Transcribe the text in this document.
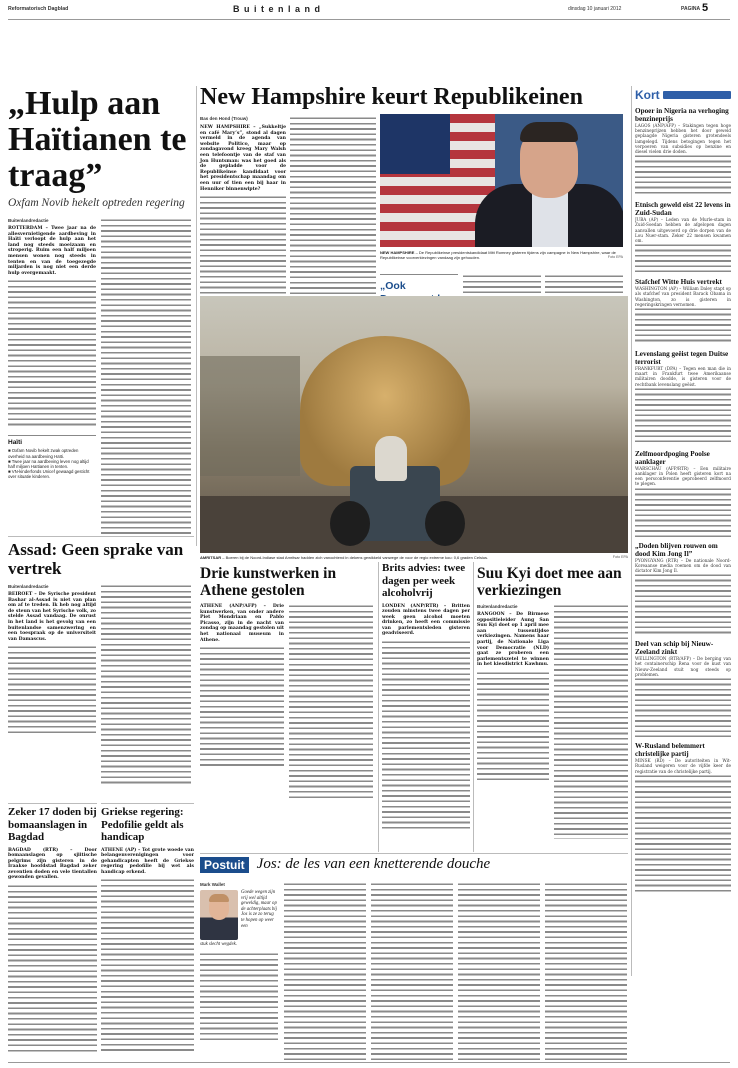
Reformatorisch Dagblad	B u i t e n l a n d	dinsdag 10 januari 2012	PAGINA 5
„Hulp aan Haïtianen te traag”
Oxfam Novib hekelt optreden regering
Buitenlandredactie
ROTTERDAM – Twee jaar na de allesvernietigende aardbeving in Haïti verloopt de hulp aan het land nog steeds moeizaam en stroperig. Ruim een half miljoen mensen wonen nog steeds in tenten en van de toegezegde miljarden is nog niet een derde hulp overgemaakt.
Haïti
■ Oxfam Novib hekelt zwak optreden overheid na aardbeving Haïti.
■ Twee jaar na aardbeving leven nog altijd half miljoen Haïtianen in tenten.
■ VN-kinderfonds Unicef gewaagd gesticht over situatie kinderen.
New Hampshire keurt Republikeinen
Bas den Hond (Trouw)
NEW HAMPSHIRE – „Sukkeltje en café Mary’s”, stond al dagen vermeld in de agenda van website Politico, maar op zondagavond kreeg Mary Walsh een telefoontje van de staf van Jon Huntsman: was het goed als de gepladde voor de Republikeinse kandidaat voor het presidentschap maandag om een uur of tien een bij haar in Henniker binnenwipte?
NEW HAMPSHIRE – De Republikeinse presidentskandidaat Mitt Romney gisteren tijdens zijn campagne in New Hampshire, waar de Republikeinse voorverkiezingen vandaag zijn gehouden.	Foto EPA
„Ook
Kort
Opoer in Nigeria na verhoging benzineprijs
LAGOS (ANP/AFP) – Stakingen tegen hoge benzineprijzen hebben het door geweld geplaagde Nigeria gisteren grotendeels lamgelegd. Tijdens betogingen tegen het verpoeren van subsidies op benzine en diesel vielen drie doden.
Etnisch geweld eist 22 levens in Zuid-Sudan
JUBA (AP) – Leden van de Murle-stam in Zuid-Soedan hebben de afgelopen dagen aanvallen uitgevoerd op drie dorpen van de Lou Nuer-stam. Zeker 22 mensen kwamen om.
Stafchef Witte Huis vertrekt
WASHINGTON (AP) – William Daley stapt op als stafchef van president Barack Obama in Washington, zo is gisteren in regeringskringen vernomen.
Levenslang geëist tegen Duitse terrorist
FRANKFURT (DPA) – Tegen een man die in maart in Frankfurt twee Amerikaanse militairen doodde, is gisteren voor de rechtbank levenslang geëist.
Zelfmoordpoging Poolse aanklager
WARSCHAU (AFP/RTR) – Een militaire aanklager in Polen heeft gisteren kort na een persconferentie geprobeerd zelfmoord te plegen.
„Doden blijven rouwen om dood Kim Jong Il”
PYONGYANG (RTR) – De nationale Noord-Koreaanse media roemen om de dood van dictator Kim Jong Il.
Deel van schip bij Nieuw-Zeeland zinkt
WELLINGTON (RTR/AFP) – De berging van het containerschip Rena voor de kust van Nieuw-Zeeland stuit nog steeds op problemen.
W-Rusland belemmert christelijke partij
MINSK (RD) – De autoriteiten in Wit-Rusland weigeren voor de vijfde keer de registratie van de christelijke partij.
AMRITSAR – Boeren bij de Noord-Indiase stad Amritsar hadden zich vanochtend in dekens gewikkeld vanwege de voor de regio extreme kou: 0,6 graden Celsius.	Foto EPA
Assad: Geen sprake van vertrek
Buitenlandredactie
BEIROET – De Syrische president Bashar al-Assad is niet van plan om af te treden. Ik heb nog altijd de steun van het Syrische volk, zo stelde Assad vandaag. De onrust in het land is het gevolg van een buitenlandse samenzwering en een toespraak op de universiteit van Damascus.
Zeker 17 doden bij bomaanslagen in Bagdad
BAGDAD (RTR) – Door bomaanslagen op sjiitische pelgrims zijn gisteren in de Iraakse hoofdstad Bagdad zeker zeventien doden en vele tientallen gewonden gevallen.
Griekse regering: Pedofilie geldt als handicap
ATHENE (AP) – Tot grote woede van belangenverenigingen voor gehandicapten heeft de Griekse regering pedofilie bij wet als handicap erkend.
Drie kunstwerken in Athene gestolen
ATHENE (ANP/AFP) – Drie kunstwerken, van onder andere Piet Mondriaan en Pablo Picasso, zijn in de nacht van zondag op maandag gestolen uit het nationaal museum in Athene.
Brits advies: twee dagen per week alcoholvrij
LONDEN (ANP/RTR) – Britten zouden minstens twee dagen per week geen alcohol moeten drinken, zo heeft een commissie van parlementsleden gisteren geadviseerd.
Suu Kyi doet mee aan verkiezingen
Buitenlandredactie
RANGOON – De Birmese oppositieleider Aung San Suu Kyi doet op 1 april mee aan tussentijdse verkiezingen. Namens haar partij, de Nationale Liga voor Democratie (NLD) gaat ze proberen een parlementszetel te winnen in het kiesdistrict Kawhmu.
Postuit Jos: de les van een knetterende douche
Mark Wallet
Goede wegen zijn vrij wel altijd geweldig, maar op de achterplaats bij Jos is ze zo terug te hopen op weer een
stuk slecht wegdek.
